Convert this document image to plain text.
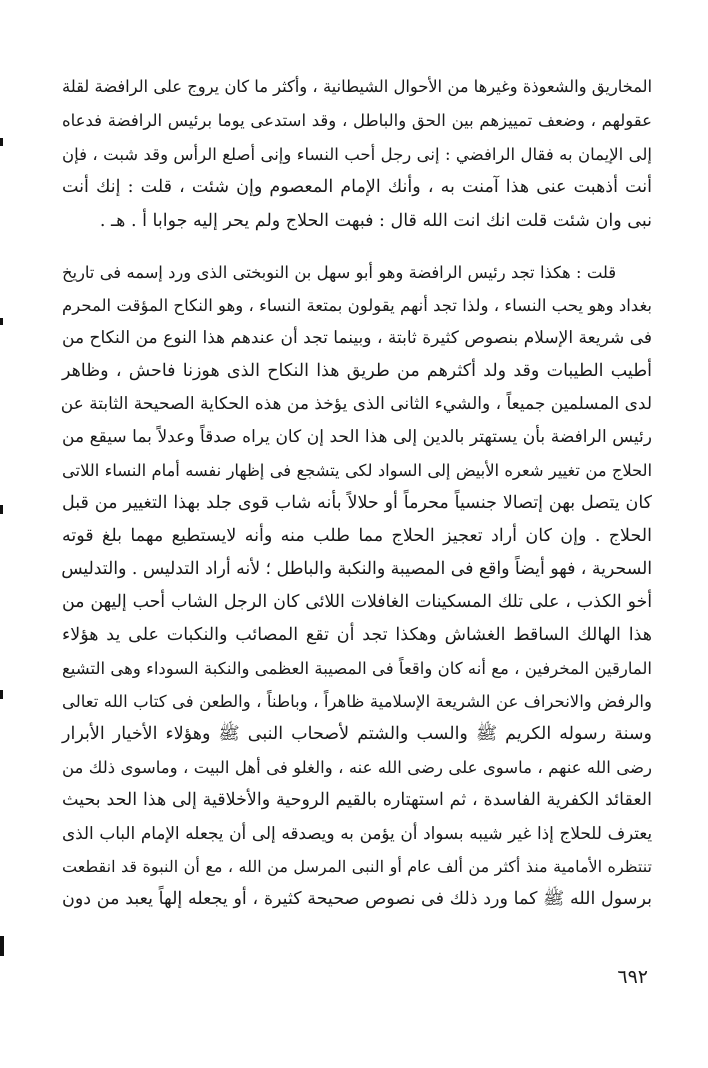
المخاريق والشعوذة وغيرها من الأحوال الشيطانية ، وأكثر ما كان يروج على الرافضة لقلة
عقولهم ، وضعف تمييزهم بين الحق والباطل ، وقد استدعى يوما برئيس الرافضة فدعاه
إلى الإيمان به فقال الرافضي : إنى رجل أحب النساء وإنى أصلع الرأس وقد شبت ، فإن
أنت أذهبت عنى هذا آمنت به ، وأنك الإمام المعصوم وإن شئت ، قلت : إنك أنت
نبى وان شئت قلت انك انت الله قال : فبهت الحلاج ولم يحر إليه جوابا أ . هـ .
قلت : هكذا تجد رئيس الرافضة وهو أبو سهل بن النوبختى الذى ورد إسمه فى تاريخ
بغداد وهو يحب النساء ، ولذا تجد أنهم يقولون بمتعة النساء ، وهو النكاح المؤقت المحرم
فى شريعة الإسلام بنصوص كثيرة ثابتة ، وبينما تجد أن عندهم هذا النوع من النكاح من
أطيب الطيبات وقد ولد أكثرهم من طريق هذا النكاح الذى هوزنا فاحش ، وظاهر
لدى المسلمين جميعاً ، والشيء الثانى الذى يؤخذ من هذه الحكاية الصحيحة الثابتة عن
رئيس الرافضة بأن يستهتر بالدين إلى هذا الحد إن كان يراه صدقاً وعدلاً بما سيقع من
الحلاج من تغيير شعره الأبيض إلى السواد لكى يتشجع فى إظهار نفسه أمام النساء اللاتى
كان يتصل بهن إتصالا جنسياً محرماً أو حلالاً بأنه شاب قوى جلد بهذا التغيير من قبل
الحلاج . وإن كان أراد تعجيز الحلاج مما طلب منه وأنه لايستطيع مهما بلغ قوته
السحرية ، فهو أيضاً واقع فى المصيبة والنكبة والباطل ؛ لأنه أراد التدليس . والتدليس
أخو الكذب ، على تلك المسكينات الغافلات اللائى كان الرجل الشاب أحب إليهن من
هذا الهالك الساقط الغشاش وهكذا تجد أن تقع المصائب والنكبات على يد هؤلاء
المارقين المخرفين ، مع أنه كان واقعاً فى المصيبة العظمى والنكبة السوداء وهى التشيع
والرفض والانحراف عن الشريعة الإسلامية ظاهراً ، وباطناً ، والطعن فى كتاب الله تعالى
وسنة رسوله الكريم ﷺ والسب والشتم لأصحاب النبى ﷺ وهؤلاء الأخيار الأبرار
رضى الله عنهم ، ماسوى على رضى الله عنه ، والغلو فى أهل البيت ، وماسوى ذلك من
العقائد الكفرية الفاسدة ، ثم استهتاره بالقيم الروحية والأخلاقية إلى هذا الحد بحيث
يعترف للحلاج إذا غير شيبه بسواد أن يؤمن به ويصدقه إلى أن يجعله الإمام الباب الذى
تنتظره الأمامية منذ أكثر من ألف عام أو النبى المرسل من الله ، مع أن النبوة قد انقطعت
برسول الله ﷺ كما ورد ذلك فى نصوص صحيحة كثيرة ، أو يجعله إلهاً يعبد من دون
٦٩٢
